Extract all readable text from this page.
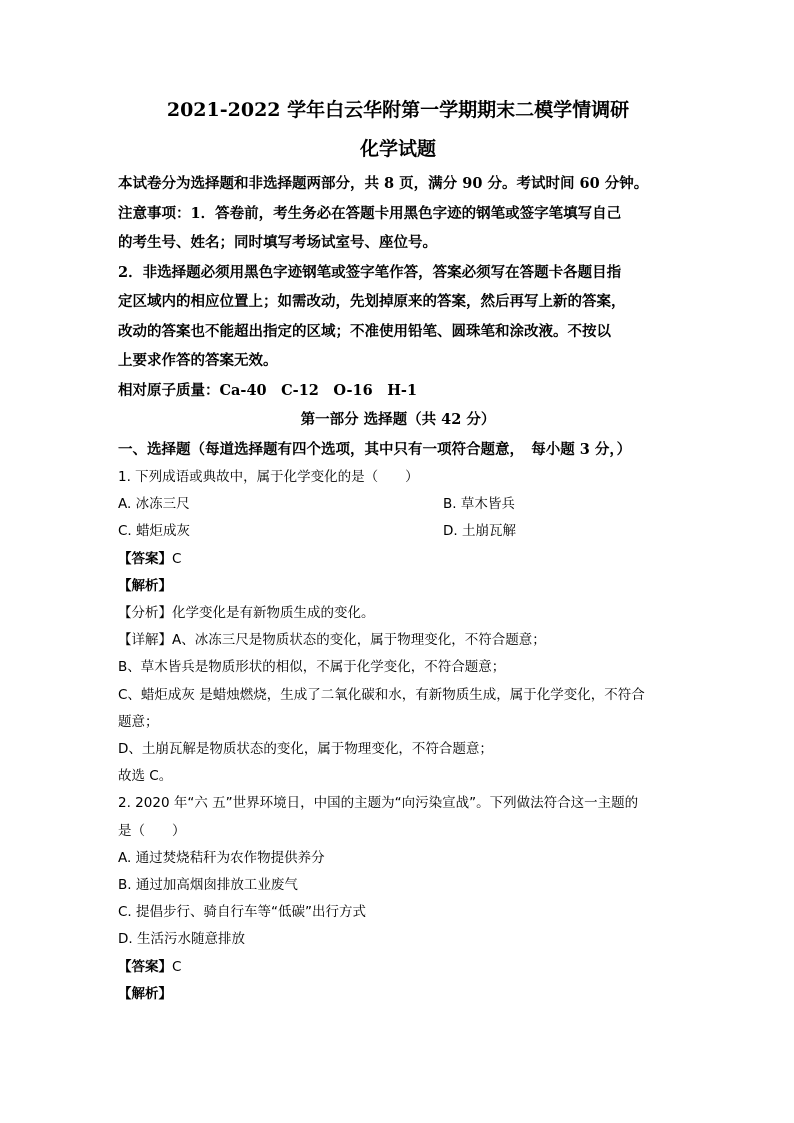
2021-2022 学年白云华附第一学期期末二模学情调研
化学试题

本试卷分为选择题和非选择题两部分，共 8 页，满分 90 分。考试时间 60 分钟。

注意事项：1．答卷前，考生务必在答题卡用黑色字迹的钢笔或签字笔填写自己

的考生号、姓名；同时填写考场试室号、座位号。

2．非选择题必须用黑色字迹钢笔或签字笔作答，答案必须写在答题卡各题目指

定区域内的相应位置上；如需改动，先划掉原来的答案，然后再写上新的答案，

改动的答案也不能超出指定的区域；不准使用铅笔、圆珠笔和涂改液。不按以

上要求作答的答案无效。

相对原子质量：Ca-40　C-12　O-16　H-1

第一部分 选择题（共 42 分）

一、选择题（每道选择题有四个选项，其中只有一项符合题意，　每小题 3 分，）

1. 下列成语或典故中，属于化学变化的是（　　）

A. 冰冻三尺	B. 草木皆兵
C. 蜡炬成灰	D. 土崩瓦解

【答案】C

【解析】

【分析】化学变化是有新物质生成的变化。

【详解】A、冰冻三尺是物质状态的变化，属于物理变化，不符合题意；

B、草木皆兵是物质形状的相似，不属于化学变化，不符合题意；

C、蜡炬成灰 是蜡烛燃烧，生成了二氧化碳和水，有新物质生成，属于化学变化，不符合

题意；

D、土崩瓦解是物质状态的变化，属于物理变化，不符合题意；

故选 C。

2. 2020 年“六 五”世界环境日，中国的主题为“向污染宣战”。下列做法符合这一主题的

是（　　）

A. 通过焚烧秸秆为农作物提供养分

B. 通过加高烟囱排放工业废气

C. 提倡步行、骑自行车等“低碳”出行方式

D. 生活污水随意排放

【答案】C

【解析】
